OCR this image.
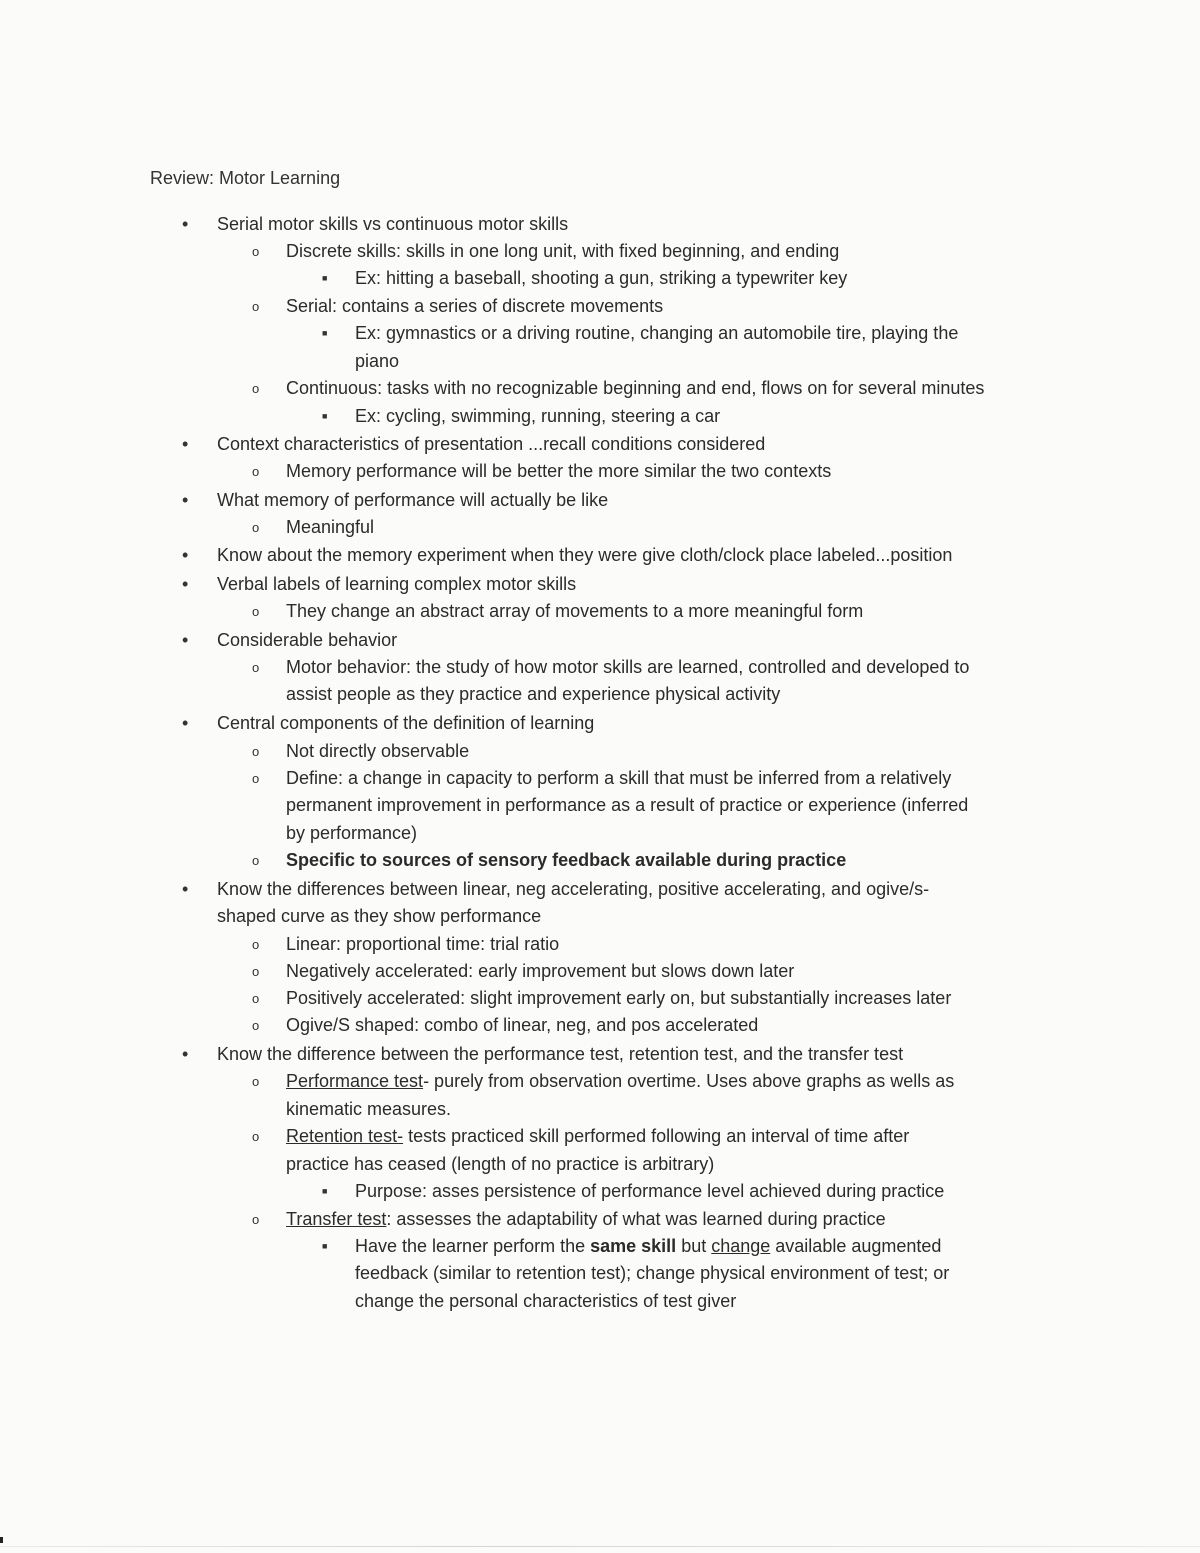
Review: Motor Learning
• Serial motor skills vs continuous motor skills
o Discrete skills: skills in one long unit, with fixed beginning, and ending
■ Ex: hitting a baseball, shooting a gun, striking a typewriter key
o Serial: contains a series of discrete movements
■ Ex: gymnastics or a driving routine, changing an automobile tire, playing the
piano
o Continuous: tasks with no recognizable beginning and end, flows on for several minutes
■ Ex: cycling, swimming, running, steering a car
• Context characteristics of presentation ...recall conditions considered
o Memory performance will be better the more similar the two contexts
• What memory of performance will actually be like
o Meaningful
• Know about the memory experiment when they were give cloth/clock place labeled...position
• Verbal labels of learning complex motor skills
o They change an abstract array of movements to a more meaningful form
• Considerable behavior
o Motor behavior: the study of how motor skills are learned, controlled and developed to
assist people as they practice and experience physical activity
• Central components of the definition of learning
o Not directly observable
o Define: a change in capacity to perform a skill that must be inferred from a relatively
permanent improvement in performance as a result of practice or experience (inferred
by performance)
o Specific to sources of sensory feedback available during practice
• Know the differences between linear, neg accelerating, positive accelerating, and ogive/s-
shaped curve as they show performance
o Linear: proportional time: trial ratio
o Negatively accelerated: early improvement but slows down later
o Positively accelerated: slight improvement early on, but substantially increases later
o Ogive/S shaped: combo of linear, neg, and pos accelerated
• Know the difference between the performance test, retention test, and the transfer test
o Performance test- purely from observation overtime. Uses above graphs as wells as
kinematic measures.
o Retention test- tests practiced skill performed following an interval of time after
practice has ceased (length of no practice is arbitrary)
■ Purpose: asses persistence of performance level achieved during practice
o Transfer test: assesses the adaptability of what was learned during practice
■ Have the learner perform the same skill but change available augmented
feedback (similar to retention test); change physical environment of test; or
change the personal characteristics of test giver
